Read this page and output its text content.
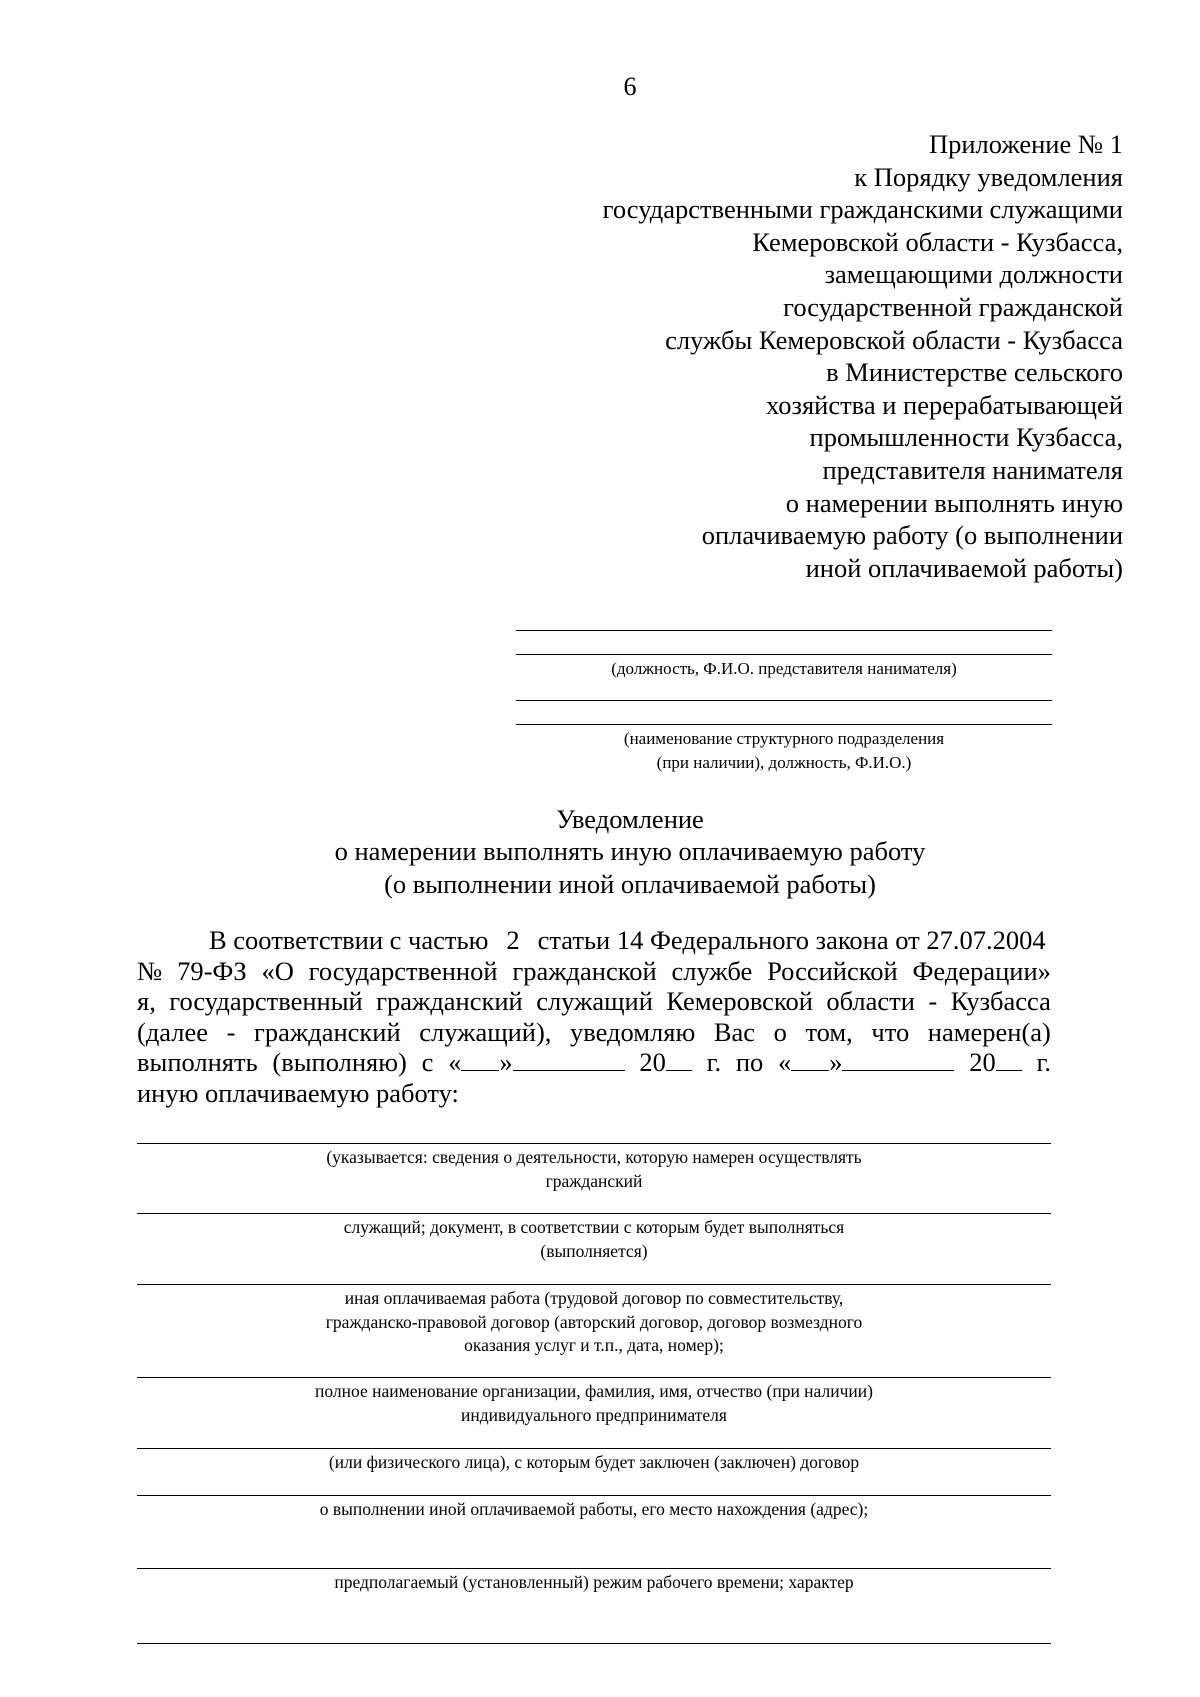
6
Приложение № 1
к Порядку уведомления
государственными гражданскими служащими
Кемеровской области - Кузбасса,
замещающими должности
государственной гражданской
службы Кемеровской области - Кузбасса
в Министерстве сельского
хозяйства и перерабатывающей
промышленности Кузбасса,
представителя нанимателя
о намерении выполнять иную
оплачиваемую работу (о выполнении
иной оплачиваемой работы)
(должность, Ф.И.О. представителя нанимателя)
(наименование структурного подразделения
(при наличии), должность, Ф.И.О.)
Уведомление
о намерении выполнять иную оплачиваемую работу
(о выполнении иной оплачиваемой работы)
В соответствии с частью 2 статьи 14 Федерального закона от 27.07.2004
№ 79-ФЗ «О государственной гражданской службе Российской Федерации»
я, государственный гражданский служащий Кемеровской области - Кузбасса
(далее - гражданский служащий), уведомляю Вас о том, что намерен(а)
выполнять (выполняю) с « »	20	г. по « »	20	г.
иную оплачиваемую работу:
(указывается: сведения о деятельности, которую намерен осуществлять
гражданский
служащий; документ, в соответствии с которым будет выполняться
(выполняется)
иная оплачиваемая работа (трудовой договор по совместительству,
гражданско-правовой договор (авторский договор, договор возмездного
оказания услуг и т.п., дата, номер);
полное наименование организации, фамилия, имя, отчество (при наличии)
индивидуального предпринимателя
(или физического лица), с которым будет заключен (заключен) договор
о выполнении иной оплачиваемой работы, его место нахождения (адрес);
предполагаемый (установленный) режим рабочего времени; характер
